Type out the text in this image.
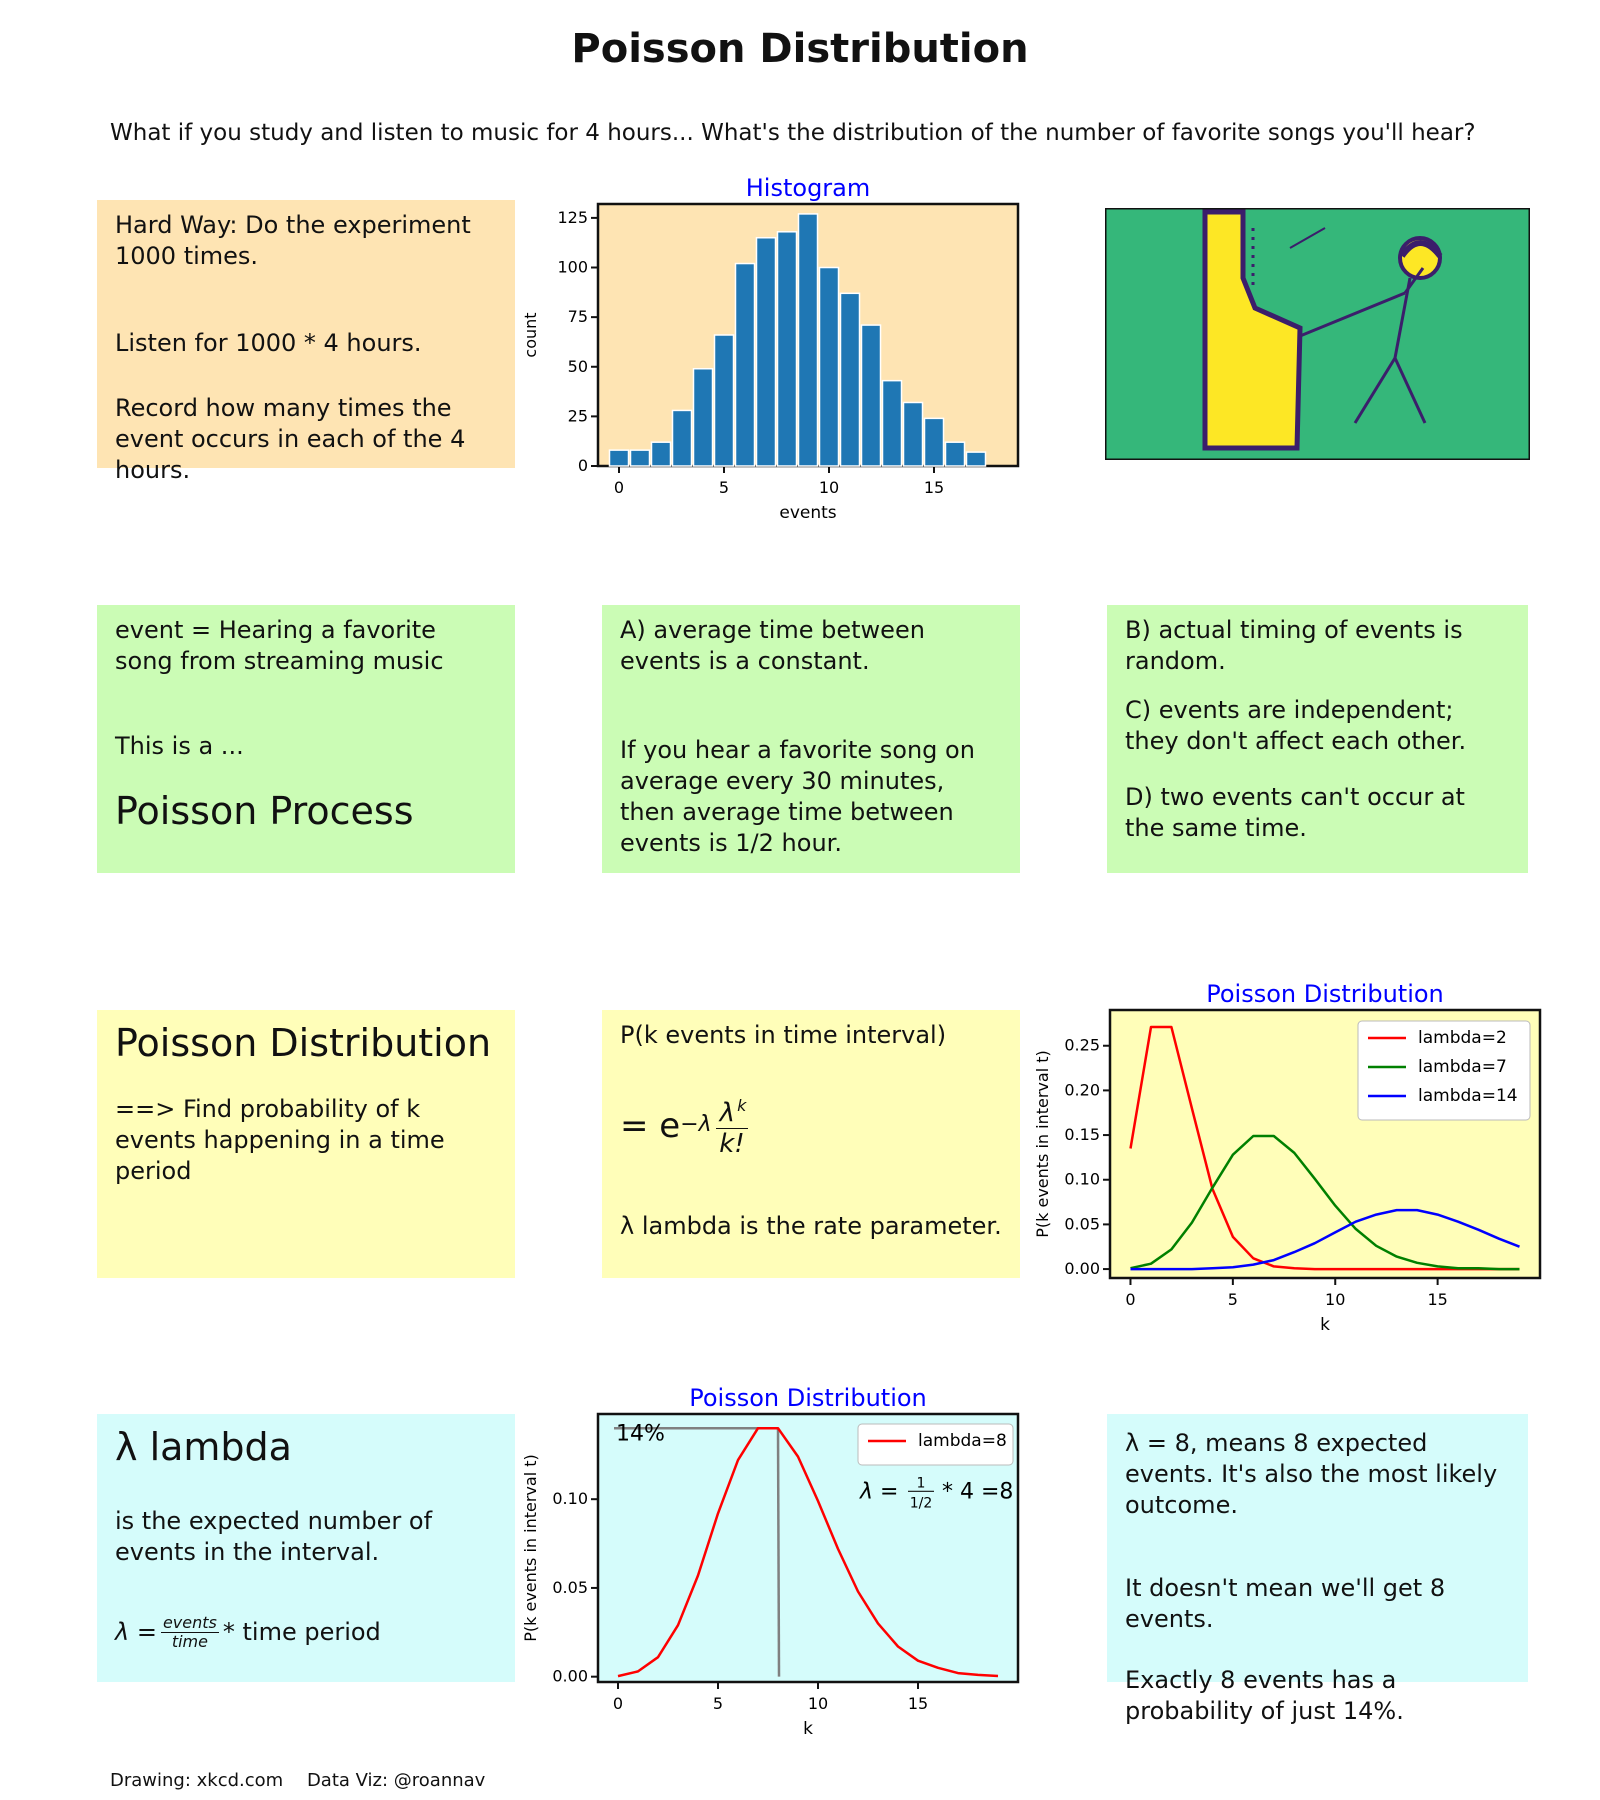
Poisson Distribution
What if you study and listen to music for 4 hours... What's the distribution of the number of favorite songs you'll hear?

Hard Way: Do the experiment 1000 times.

Listen for 1000 * 4 hours.

Record how many times the event occurs in each of the 4 hours.

Histogram
0	5	10	15
0
25
50
75
100
125
events
count

event = Hearing a favorite song from streaming music

This is a ...

Poisson Process

A) average time between events is a constant.

If you hear a favorite song on average every 30 minutes, then average time between events is 1/2 hour.

B) actual timing of events is random.

C) events are independent; they don't affect each other.

D) two events can't occur at the same time.

Poisson Distribution

==> Find probability of k events happening in a time period

P(k events in time interval)

= $e -\lambda \frac{\lambda ^k}{k!}$

λ lambda is the rate parameter.

Poisson Distribution
0	5	10	15
0.00
0.05
0.10
0.15
0.20
0.25
k
P(k events in interval t)
lambda=2
lambda=7
lambda=14

λ lambda

is the expected number of events in the interval.

$\lambda = \frac{\text{events}}{\text{time}}$ * time period
Poisson Distribution
0	5	10	15
0.00
0.05
0.10
k
P(k events in interval t)
14%	lambda=8
λ = 1
1/2 * 4 =8

λ = 8, means 8 expected events. It's also the most likely outcome.

It doesn't mean we'll get 8 events.

Exactly 8 events has a probability of just 14%.

Drawing: xkcd.com Data Viz: @roannav
